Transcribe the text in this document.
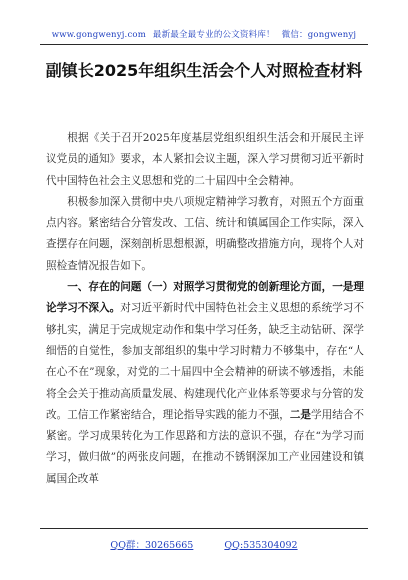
www.gongwenyj.com 最新最全最专业的公文资料库！ 微信：gongwenyj
副镇长2025年组织生活会个人对照检查材料

根据《关于召开2025年度基层党组织组织生活会和开展民主评议党员的通知》要求，本人紧扣会议主题，深入学习贯彻习近平新时代中国特色社会主义思想和党的二十届四中全会精神。

积极参加深入贯彻中央八项规定精神学习教育，对照五个方面重点内容。紧密结合分管发改、工信、统计和镇属国企工作实际，深入查摆存在问题，深刻剖析思想根源，明确整改措施方向，现将个人对照检查情况报告如下。

一、存在的问题（一）对照学习贯彻党的创新理论方面，一是理论学习不深入。对习近平新时代中国特色社会主义思想的系统学习不够扎实，满足于完成规定动作和集中学习任务，缺乏主动钻研、深学细悟的自觉性，参加支部组织的集中学习时精力不够集中，存在“人在心不在”现象，对党的二十届四中全会精神的研读不够透指，未能将全会关于推动高质量发展、构建现代化产业体系等要求与分管的发改。工信工作紧密结合，理论指导实践的能力不强，二是学用结合不紧密。学习成果转化为工作思路和方法的意识不强，存在“为学习而学习，做归做”的两张皮问题，在推动不锈钢深加工产业园建设和镇属国企改革

QQ群：30265665	QQ:535304092
